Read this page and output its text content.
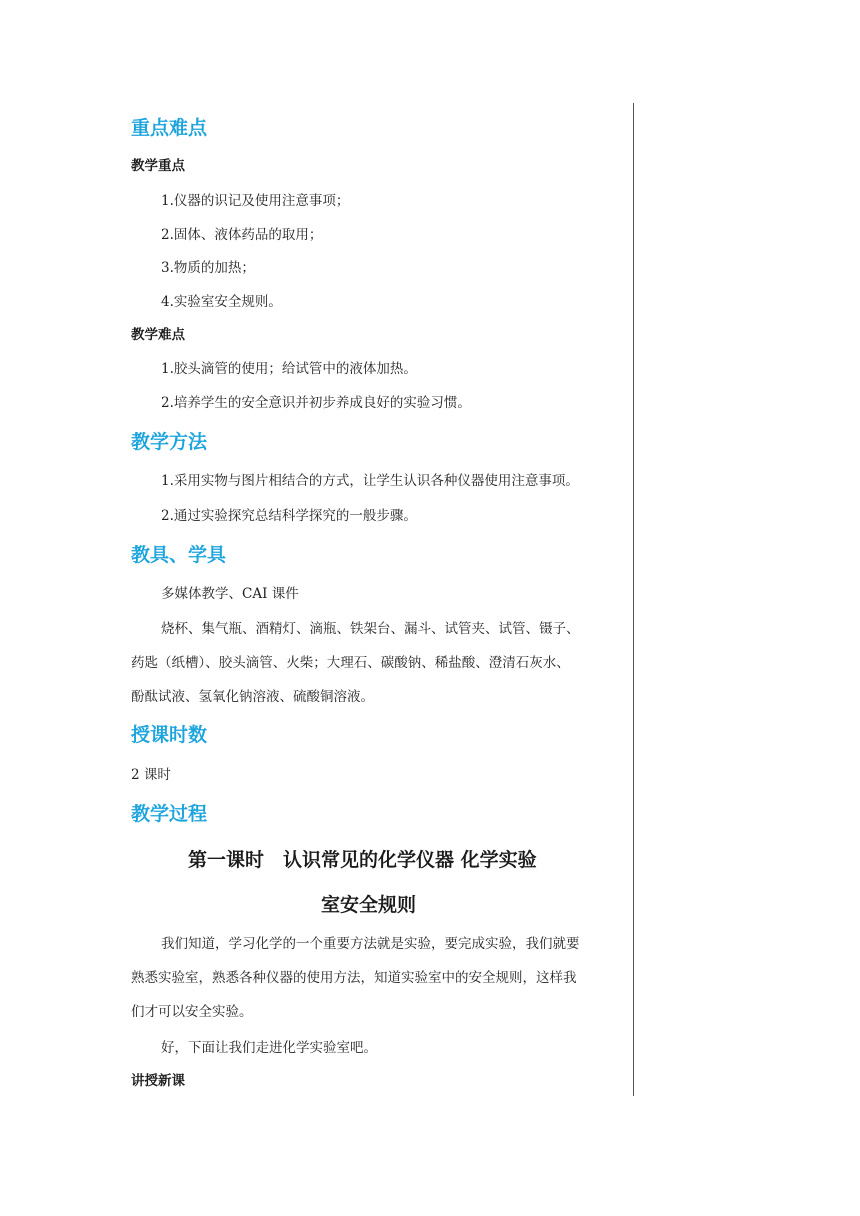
重点难点
教学重点
1.仪器的识记及使用注意事项；
2.固体、液体药品的取用；
3.物质的加热；
4.实验室安全规则。
教学难点
1.胶头滴管的使用；给试管中的液体加热。
2.培养学生的安全意识并初步养成良好的实验习惯。
教学方法
1.采用实物与图片相结合的方式，让学生认识各种仪器使用注意事项。
2.通过实验探究总结科学探究的一般步骤。
教具、学具
多媒体教学、CAI 课件
烧杯、集气瓶、酒精灯、滴瓶、铁架台、漏斗、试管夹、试管、镊子、
药匙（纸槽）、胶头滴管、火柴；大理石、碳酸钠、稀盐酸、澄清石灰水、
酚酞试液、氢氧化钠溶液、硫酸铜溶液。
授课时数
2 课时
教学过程
第一课时　认识常见的化学仪器 化学实验
室安全规则
我们知道，学习化学的一个重要方法就是实验，要完成实验，我们就要
熟悉实验室，熟悉各种仪器的使用方法，知道实验室中的安全规则，这样我
们才可以安全实验。
好，下面让我们走进化学实验室吧。
讲授新课
